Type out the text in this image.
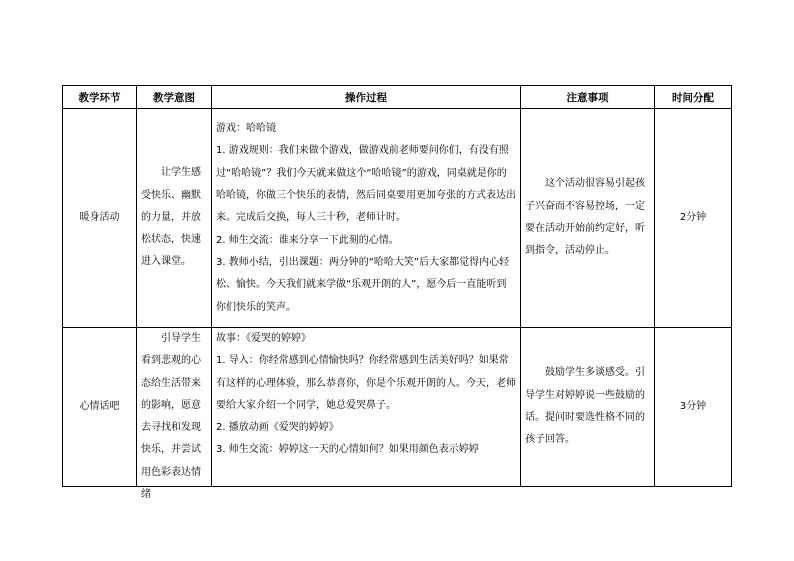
教学环节	教学意图	操作过程	注意事项	时间分配
暖身活动	让学生感受快乐、幽默的力量，并放松状态，快速进入课堂。	游戏：哈哈镜

1. 游戏规则：我们来做个游戏，做游戏前老师要问你们，有没有照过“哈哈镜”？我们今天就来做这个“哈哈镜”的游戏，同桌就是你的哈哈镜，你做三个快乐的表情，然后同桌要用更加夸张的方式表达出来。完成后交换，每人三十秒，老师计时。

2. 师生交流：谁来分享一下此刻的心情。

3. 教师小结，引出课题：两分钟的“哈哈大笑”后大家都觉得内心轻松、愉快。今天我们就来学做“乐观开朗的人”，愿今后一直能听到你们快乐的笑声。	这个活动很容易引起孩子兴奋而不容易控场，一定要在活动开始前约定好，听到指令，活动停止。	2分钟
心情话吧	引导学生看到悲观的心态给生活带来的影响，愿意去寻找和发现快乐，并尝试用色彩表达情绪	故事：《爱哭的婷婷》

1. 导入：你经常感到心情愉快吗？你经常感到生活美好吗？如果常有这样的心理体验，那么恭喜你，你是个乐观开朗的人。今天，老师要给大家介绍一个同学，她总爱哭鼻子。

2. 播放动画《爱哭的婷婷》

3. 师生交流：婷婷这一天的心情如何？如果用颜色表示婷婷	鼓励学生多谈感受。引导学生对婷婷说一些鼓励的话。提问时要选性格不同的孩子回答。	3分钟
